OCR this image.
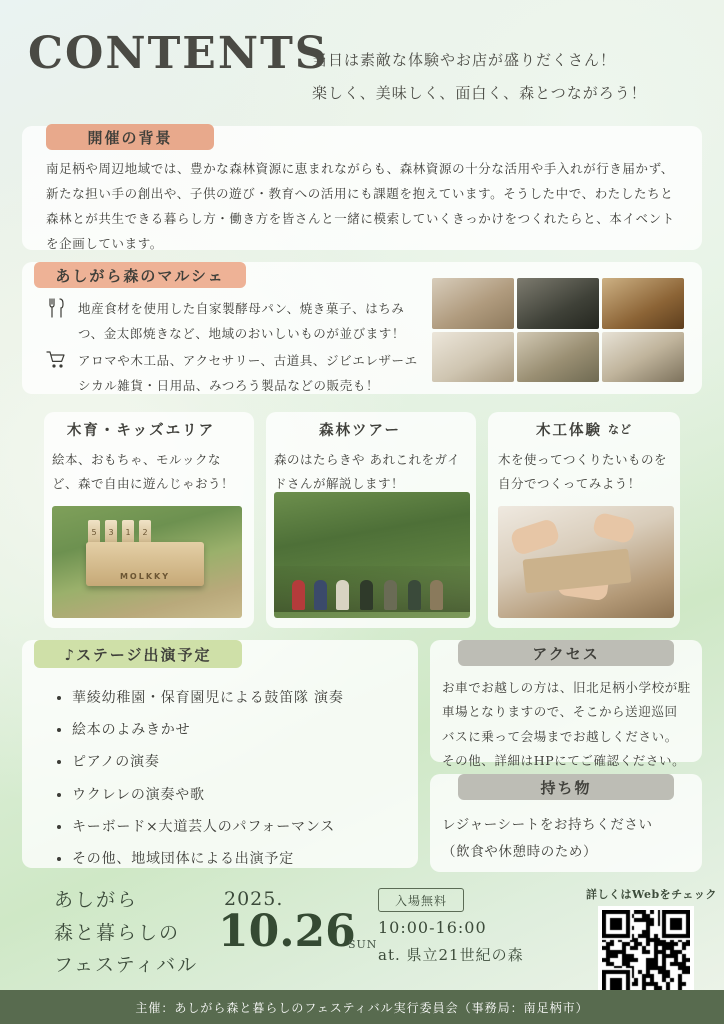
CONTENTS
当日は素敵な体験やお店が盛りだくさん！
楽しく、美味しく、面白く、森とつながろう！
開催の背景
南足柄や周辺地域では、豊かな森林資源に恵まれながらも、森林資源の十分な活用や手入れが行き届かず、新たな担い手の創出や、子供の遊び・教育への活用にも課題を抱えています。そうした中で、わたしたちと森林とが共生できる暮らし方・働き方を皆さんと一緒に模索していくきっかけをつくれたらと、本イベントを企画しています。
あしがら森のマルシェ
地産食材を使用した自家製酵母パン、焼き菓子、はちみつ、金太郎焼きなど、地域のおいしいものが並びます！
アロマや木工品、アクセサリー、古道具、ジビエレザーエシカル雑貨・日用品、みつろう製品などの販売も！
木育・キッズエリア
絵本、おもちゃ、モルックなど、森で自由に遊んじゃおう！
5	3	1	2
MOLKKY
森林ツアー
森のはたらきや あれこれをガイドさんが解説します！
木工体験 など
木を使ってつくりたいものを自分でつくってみよう！
♪ステージ出演予定
• 華綾幼稚園・保育園児による鼓笛隊 演奏
• 絵本のよみきかせ
• ピアノの演奏
• ウクレレの演奏や歌
• キーボード×大道芸人のパフォーマンス
• その他、地域団体による出演予定
アクセス
お車でお越しの方は、旧北足柄小学校が駐
車場となりますので、そこから送迎巡回
バスに乗って会場までお越しください。
その他、詳細はHPにてご確認ください。
持ち物
レジャーシートをお持ちください
（飲食や休憩時のため）
あしがら
森と暮らしの
フェスティバル
2025.
10.26
SUN
入場無料
10:00-16:00
at. 県立21世紀の森
詳しくはWebをチェック
主催：あしがら森と暮らしのフェスティバル実行委員会（事務局：南足柄市）
